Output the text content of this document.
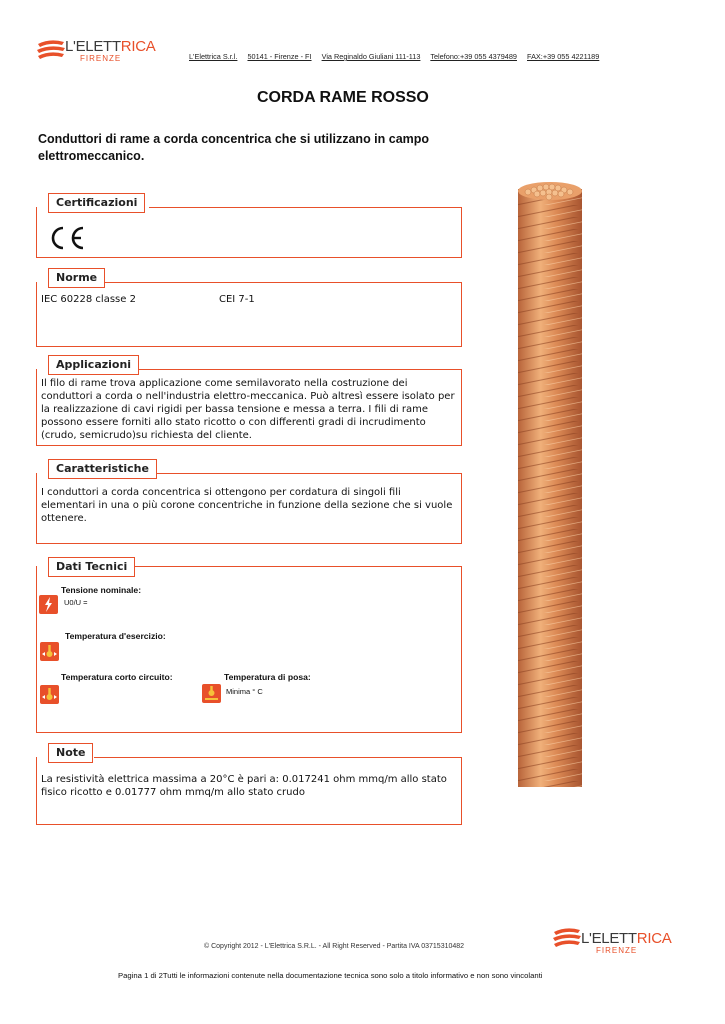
L'ELETTRICA
FIRENZE	L'Elettrica S.r.l. 50141 - Firenze - FI Via Reginaldo Giuliani 111-113 Telefono:+39 055 4379489 FAX:+39 055 4221189
CORDA RAME ROSSO
Conduttori di rame a corda concentrica che si utilizzano in campo elettromeccanico.
Certificazioni
Norme
IEC 60228 classe 2	CEI 7-1
Applicazioni
Il filo di rame trova applicazione come semilavorato nella costruzione dei conduttori a corda o nell'industria elettro-meccanica. Può altresì essere isolato per la realizzazione di cavi rigidi per bassa tensione e messa a terra. I fili di rame possono essere forniti allo stato ricotto o con differenti gradi di incrudimento (crudo, semicrudo)su richiesta del cliente.
Caratteristiche
I conduttori a corda concentrica si ottengono per cordatura di singoli fili elementari in una o più corone concentriche in funzione della sezione che si vuole ottenere.
Dati Tecnici
Tensione nominale:
U0/U =
Temperatura d'esercizio:
Temperatura corto circuito:	Temperatura di posa:
Minima ° C
Note
La resistività elettrica massima a 20°C è pari a: 0.017241 ohm mmq/m allo stato fisico ricotto e 0.01777 ohm mmq/m allo stato crudo
© Copyright 2012 - L'Elettrica S.R.L. - All Right Reserved - Partita IVA 03715310482	L'ELETTRICA
FIRENZE
Pagina 1 di 2Tutti le informazioni contenute nella documentazione tecnica sono solo a titolo informativo e non sono vincolanti
